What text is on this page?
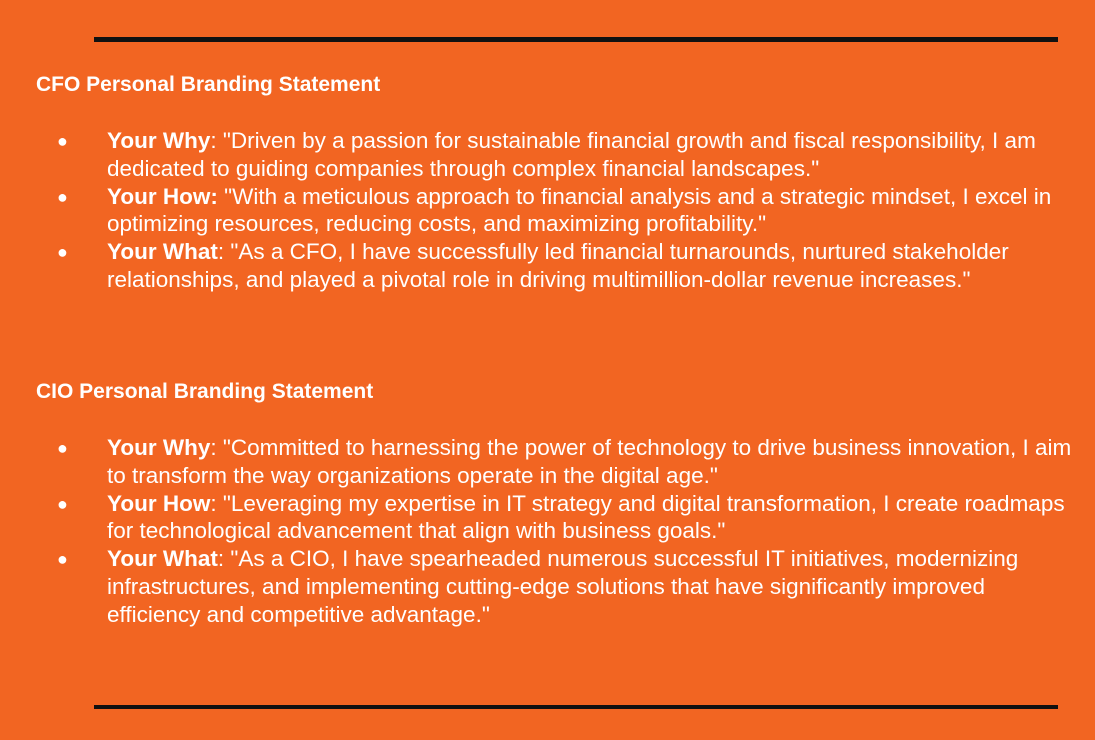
CFO Personal Branding Statement
● Your Why: "Driven by a passion for sustainable financial growth and fiscal responsibility, I am dedicated to guiding companies through complex financial landscapes."
● Your How: "With a meticulous approach to financial analysis and a strategic mindset, I excel in optimizing resources, reducing costs, and maximizing profitability."
● Your What: "As a CFO, I have successfully led financial turnarounds, nurtured stakeholder relationships, and played a pivotal role in driving multimillion-dollar revenue increases."
CIO Personal Branding Statement
● Your Why: "Committed to harnessing the power of technology to drive business innovation, I aim to transform the way organizations operate in the digital age."
● Your How: "Leveraging my expertise in IT strategy and digital transformation, I create roadmaps for technological advancement that align with business goals."
● Your What: "As a CIO, I have spearheaded numerous successful IT initiatives, modernizing infrastructures, and implementing cutting-edge solutions that have significantly improved efficiency and competitive advantage."
